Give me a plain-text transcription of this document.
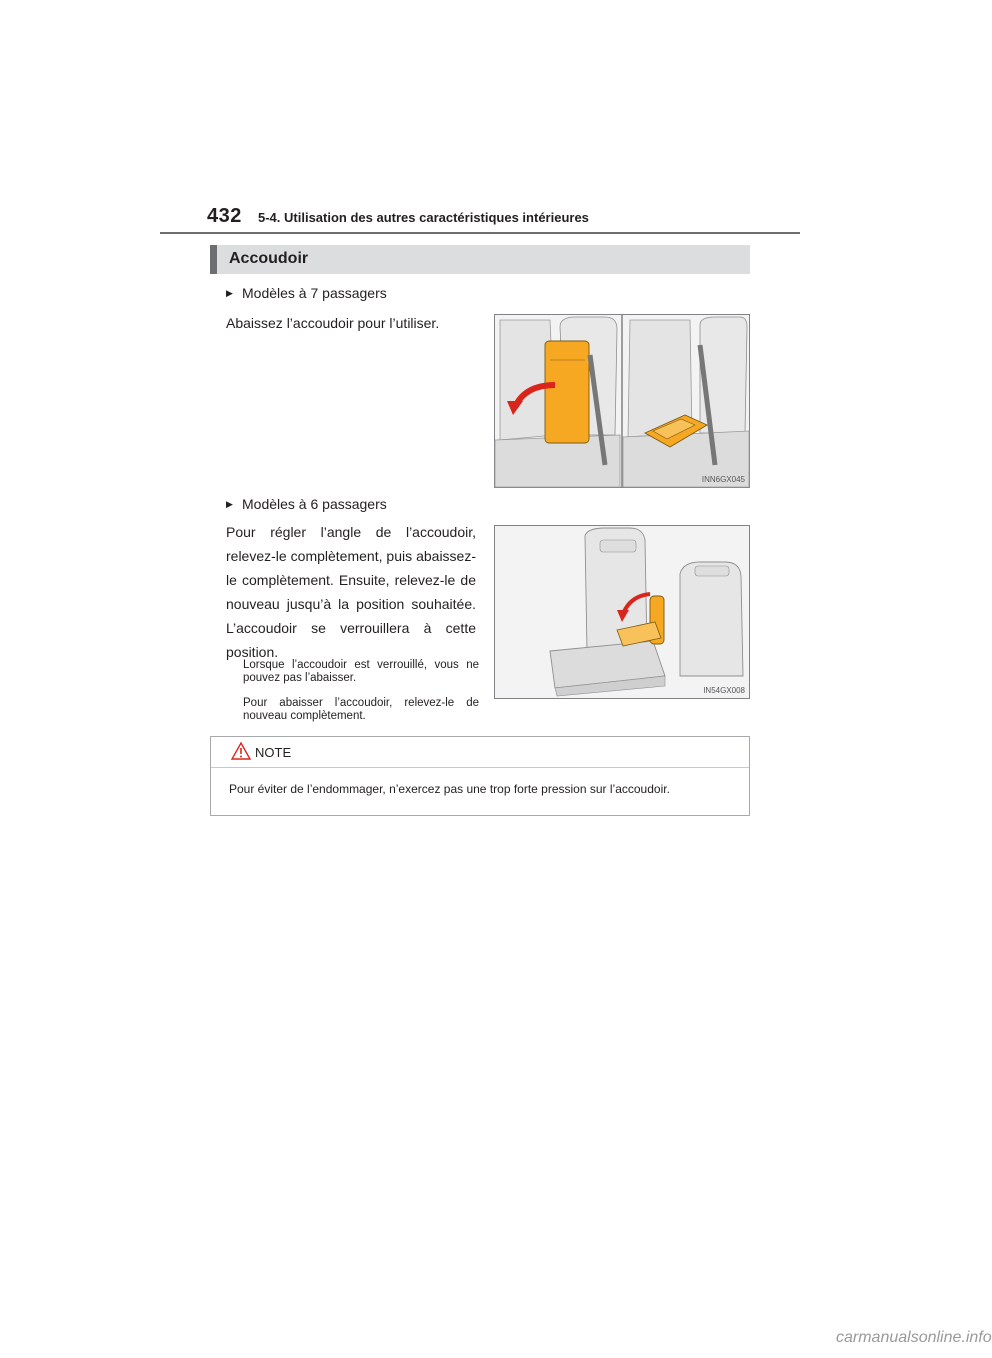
432 5-4. Utilisation des autres caractéristiques intérieures
Accoudoir
▶ Modèles à 7 passagers
Abaissez l’accoudoir pour l’utiliser.
INN6GX045
▶ Modèles à 6 passagers
Pour régler l’angle de l’accoudoir, relevez-le complètement, puis abaissez-le complètement. Ensuite, relevez-le de nouveau jusqu’à la position souhaitée. L’accoudoir se verrouillera à cette position.
Lorsque l’accoudoir est verrouillé, vous ne pouvez pas l’abaisser.
Pour abaisser l’accoudoir, relevez-le de nouveau complètement.
IN54GX008
NOTE
Pour éviter de l’endommager, n’exercez pas une trop forte pression sur l’accoudoir.
carmanualsonline.info
